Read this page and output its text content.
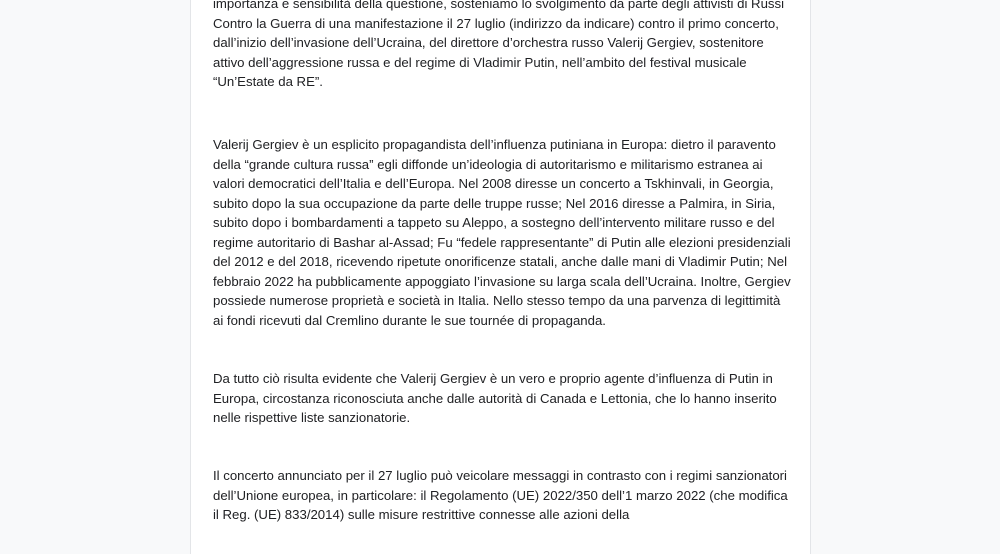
importanza e sensibilità della questione, sosteniamo lo svolgimento da parte degli attivisti di Russi Contro la Guerra di una manifestazione il 27 luglio (indirizzo da indicare) contro il primo concerto, dall’inizio dell’invasione dell’Ucraina, del direttore d’orchestra russo Valerij Gergiev, sostenitore attivo dell’aggressione russa e del regime di Vladimir Putin, nell’ambito del festival musicale “Un’Estate da RE”.

Valerij Gergiev è un esplicito propagandista dell’influenza putiniana in Europa: dietro il paravento della “grande cultura russa” egli diffonde un’ideologia di autoritarismo e militarismo estranea ai valori democratici dell’Italia e dell’Europa. Nel 2008 diresse un concerto a Tskhinvali, in Georgia, subito dopo la sua occupazione da parte delle truppe russe; Nel 2016 diresse a Palmira, in Siria, subito dopo i bombardamenti a tappeto su Aleppo, a sostegno dell’intervento militare russo e del regime autoritario di Bashar al-Assad; Fu “fedele rappresentante” di Putin alle elezioni presidenziali del 2012 e del 2018, ricevendo ripetute onorificenze statali, anche dalle mani di Vladimir Putin; Nel febbraio 2022 ha pubblicamente appoggiato l’invasione su larga scala dell’Ucraina. Inoltre, Gergiev possiede numerose proprietà e società in Italia. Nello stesso tempo da una parvenza di legittimità ai fondi ricevuti dal Cremlino durante le sue tournée di propaganda.

Da tutto ciò risulta evidente che Valerij Gergiev è un vero e proprio agente d’influenza di Putin in Europa, circostanza riconosciuta anche dalle autorità di Canada e Lettonia, che lo hanno inserito nelle rispettive liste sanzionatorie.

Il concerto annunciato per il 27 luglio può veicolare messaggi in contrasto con i regimi sanzionatori dell’Unione europea, in particolare: il Regolamento (UE) 2022/350 dell’1 marzo 2022 (che modifica il Reg. (UE) 833/2014) sulle misure restrittive connesse alle azioni della
